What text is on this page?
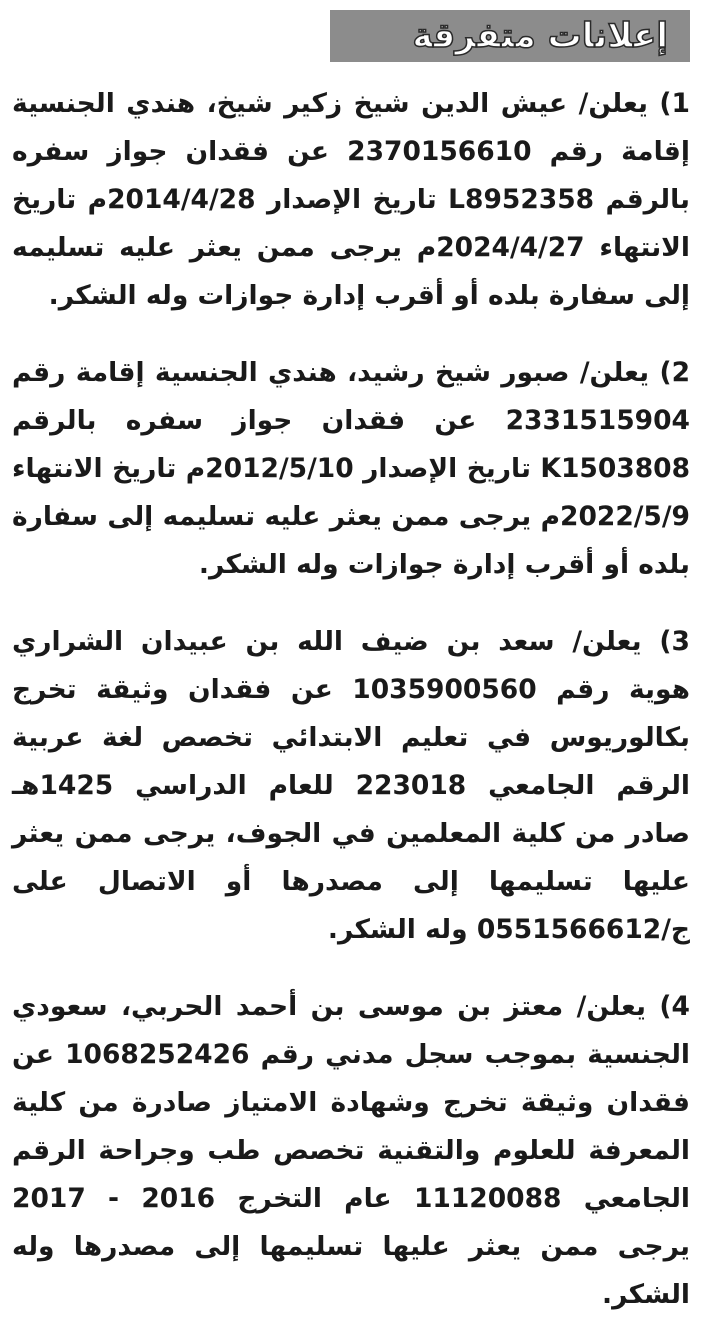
إعلانات متفرقة

1) يعلن/ عيش الدين شيخ زكير شيخ، هندي الجنسية إقامة رقم 2370156610 عن فقدان جواز سفره بالرقم L8952358 تاريخ الإصدار 2014/4/28م تاريخ الانتهاء 2024/4/27م يرجى ممن يعثر عليه تسليمه إلى سفارة بلده أو أقرب إدارة جوازات وله الشكر.

2) يعلن/ صبور شيخ رشيد، هندي الجنسية إقامة رقم 2331515904 عن فقدان جواز سفره بالرقم K1503808 تاريخ الإصدار 2012/5/10م تاريخ الانتهاء 2022/5/9م يرجى ممن يعثر عليه تسليمه إلى سفارة بلده أو أقرب إدارة جوازات وله الشكر.

3) يعلن/ سعد بن ضيف الله بن عبيدان الشراري هوية رقم 1035900560 عن فقدان وثيقة تخرج بكالوريوس في تعليم الابتدائي تخصص لغة عربية الرقم الجامعي 223018 للعام الدراسي 1425هـ صادر من كلية المعلمين في الجوف، يرجى ممن يعثر عليها تسليمها إلى مصدرها أو الاتصال على ج/0551566612 وله الشكر.

4) يعلن/ معتز بن موسى بن أحمد الحربي، سعودي الجنسية بموجب سجل مدني رقم 1068252426 عن فقدان وثيقة تخرج وشهادة الامتياز صادرة من كلية المعرفة للعلوم والتقنية تخصص طب وجراحة الرقم الجامعي 11120088 عام التخرج 2016 - 2017 يرجى ممن يعثر عليها تسليمها إلى مصدرها وله الشكر.
